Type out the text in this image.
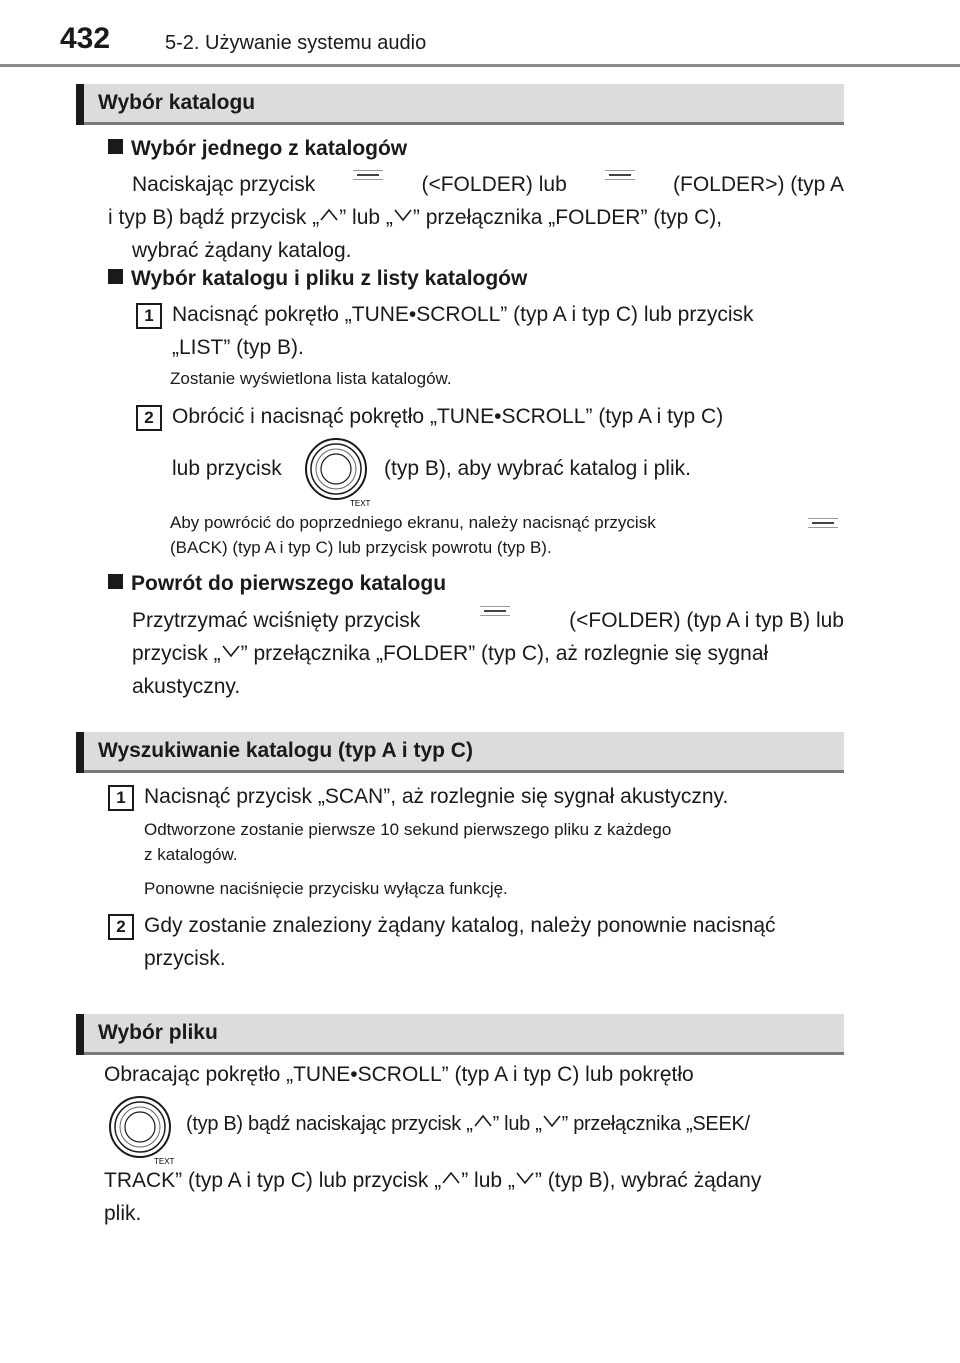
432	5-2. Używanie systemu audio
Wybór katalogu
Wybór jednego z katalogów
Naciskając przycisk	(<FOLDER) lub	(FOLDER>) (typ A
i typ B) bądź przycisk „ ” lub „ ” przełącznika „FOLDER” (typ C),
wybrać żądany katalog.
Wybór katalogu i pliku z listy katalogów
1 Nacisnąć pokrętło „TUNE•SCROLL” (typ A i typ C) lub przycisk
„LIST” (typ B).
Zostanie wyświetlona lista katalogów.
2 Obrócić i nacisnąć pokrętło „TUNE•SCROLL” (typ A i typ C)
lub przycisk
TEXT
(typ B), aby wybrać katalog i plik.
Aby powrócić do poprzedniego ekranu, należy nacisnąć przycisk
(BACK) (typ A i typ C) lub przycisk powrotu (typ B).
Powrót do pierwszego katalogu
Przytrzymać wciśnięty przycisk	(<FOLDER) (typ A i typ B) lub
przycisk „ ” przełącznika „FOLDER” (typ C), aż rozlegnie się sygnał
akustyczny.
Wyszukiwanie katalogu (typ A i typ C)
1 Nacisnąć przycisk „SCAN”, aż rozlegnie się sygnał akustyczny.
Odtworzone zostanie pierwsze 10 sekund pierwszego pliku z każdego
z katalogów.
Ponowne naciśnięcie przycisku wyłącza funkcję.
2 Gdy zostanie znaleziony żądany katalog, należy ponownie nacisnąć
przycisk.
Wybór pliku
Obracając pokrętło „TUNE•SCROLL” (typ A i typ C) lub pokrętło
TEXT
(typ B) bądź naciskając przycisk „ ” lub „ ” przełącznika „SEEK/
TRACK” (typ A i typ C) lub przycisk „ ” lub „ ” (typ B), wybrać żądany
plik.
